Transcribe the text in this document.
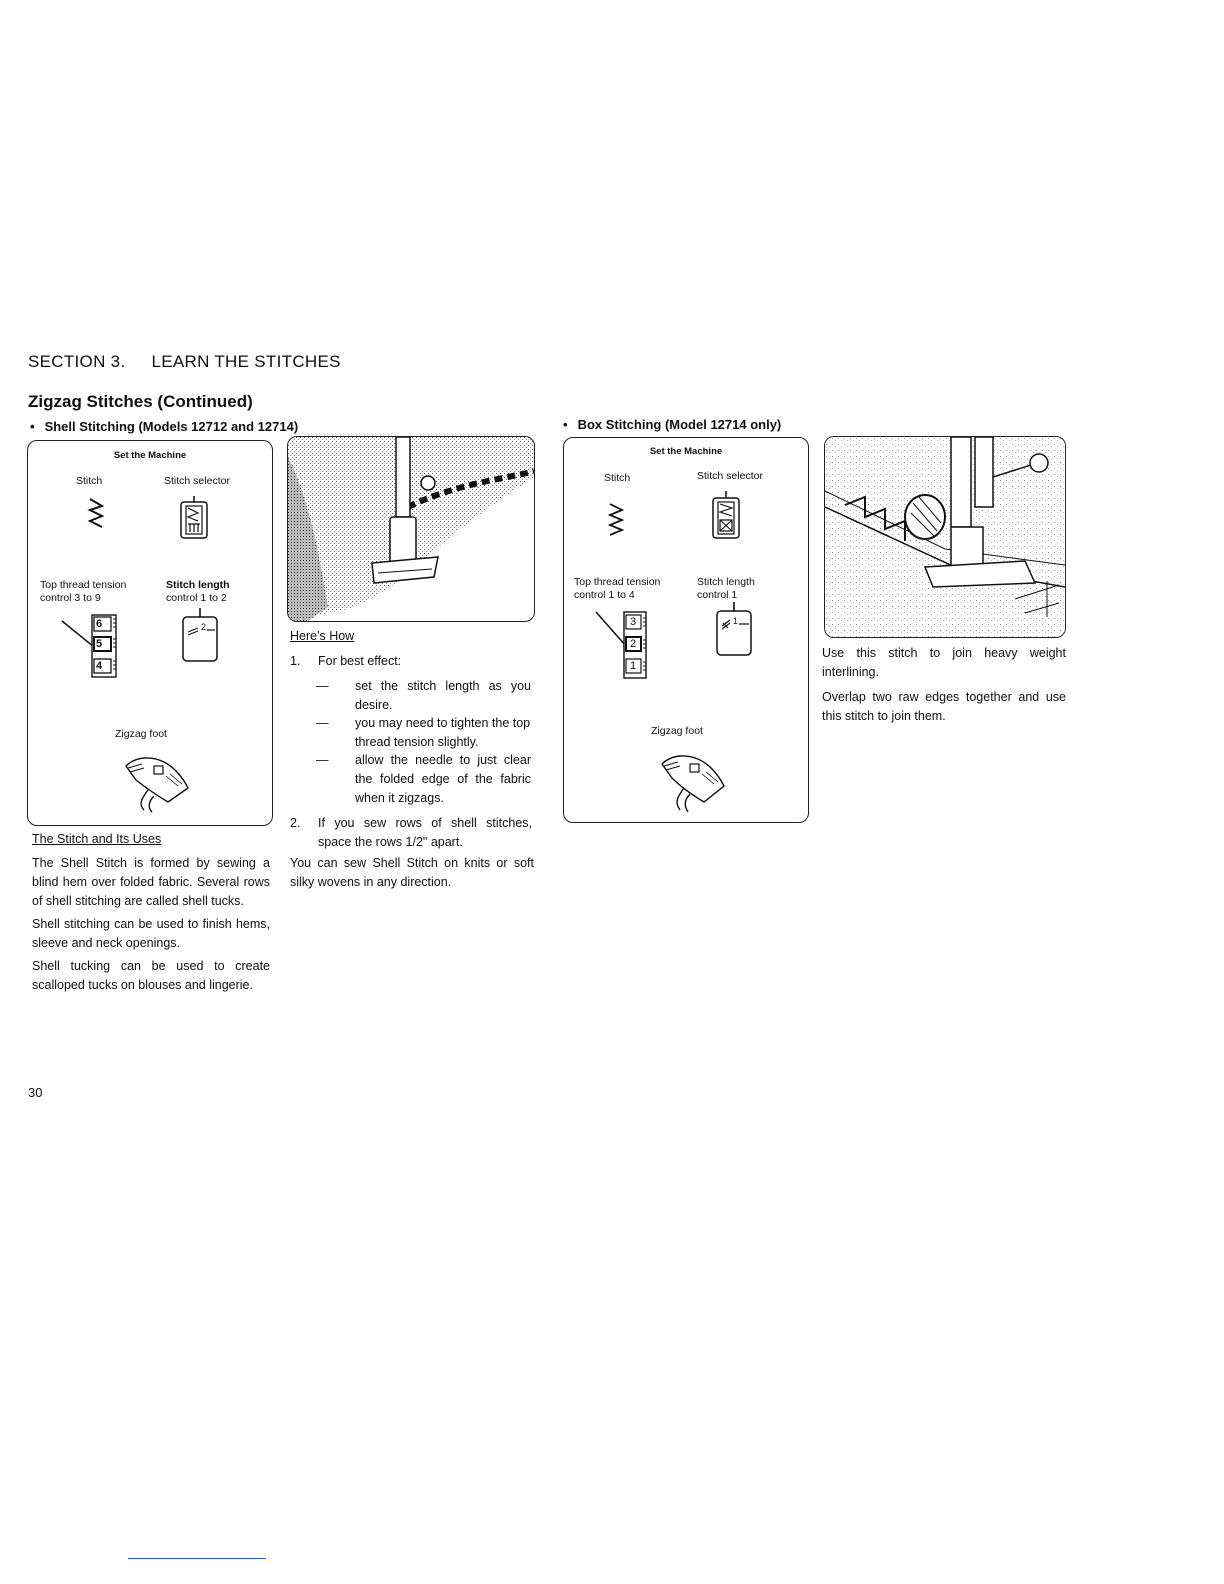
SECTION 3. LEARN THE STITCHES
Zigzag Stitches (Continued)
• Shell Stitching (Models 12712 and 12714)
Set the Machine
Stitch	Stitch selector
Top thread tension
control 3 to 9
Stitch length
control 1 to 2
6
5
4
2
Zigzag foot
The Stitch and Its Uses

The Shell Stitch is formed by sewing a blind hem over folded fabric. Several rows of shell stitching are called shell tucks.

Shell stitching can be used to finish hems, sleeve and neck openings.

Shell tucking can be used to create scalloped tucks on blouses and lingerie.

Here's How
1. For best effect:
— set the stitch length as you desire.
— you may need to tighten the top thread tension slightly.
— allow the needle to just clear the folded edge of the fabric when it zigzags.
2. If you sew rows of shell stitches, space the rows 1/2" apart.
You can sew Shell Stitch on knits or soft silky wovens in any direction.
• Box Stitching (Model 12714 only)
Set the Machine
Stitch	Stitch selector
Top thread tension
control 1 to 4
Stitch length
control 1
3
2
1
1
Zigzag foot

Use this stitch to join heavy weight interlining.

Overlap two raw edges together and use this stitch to join them.

30
